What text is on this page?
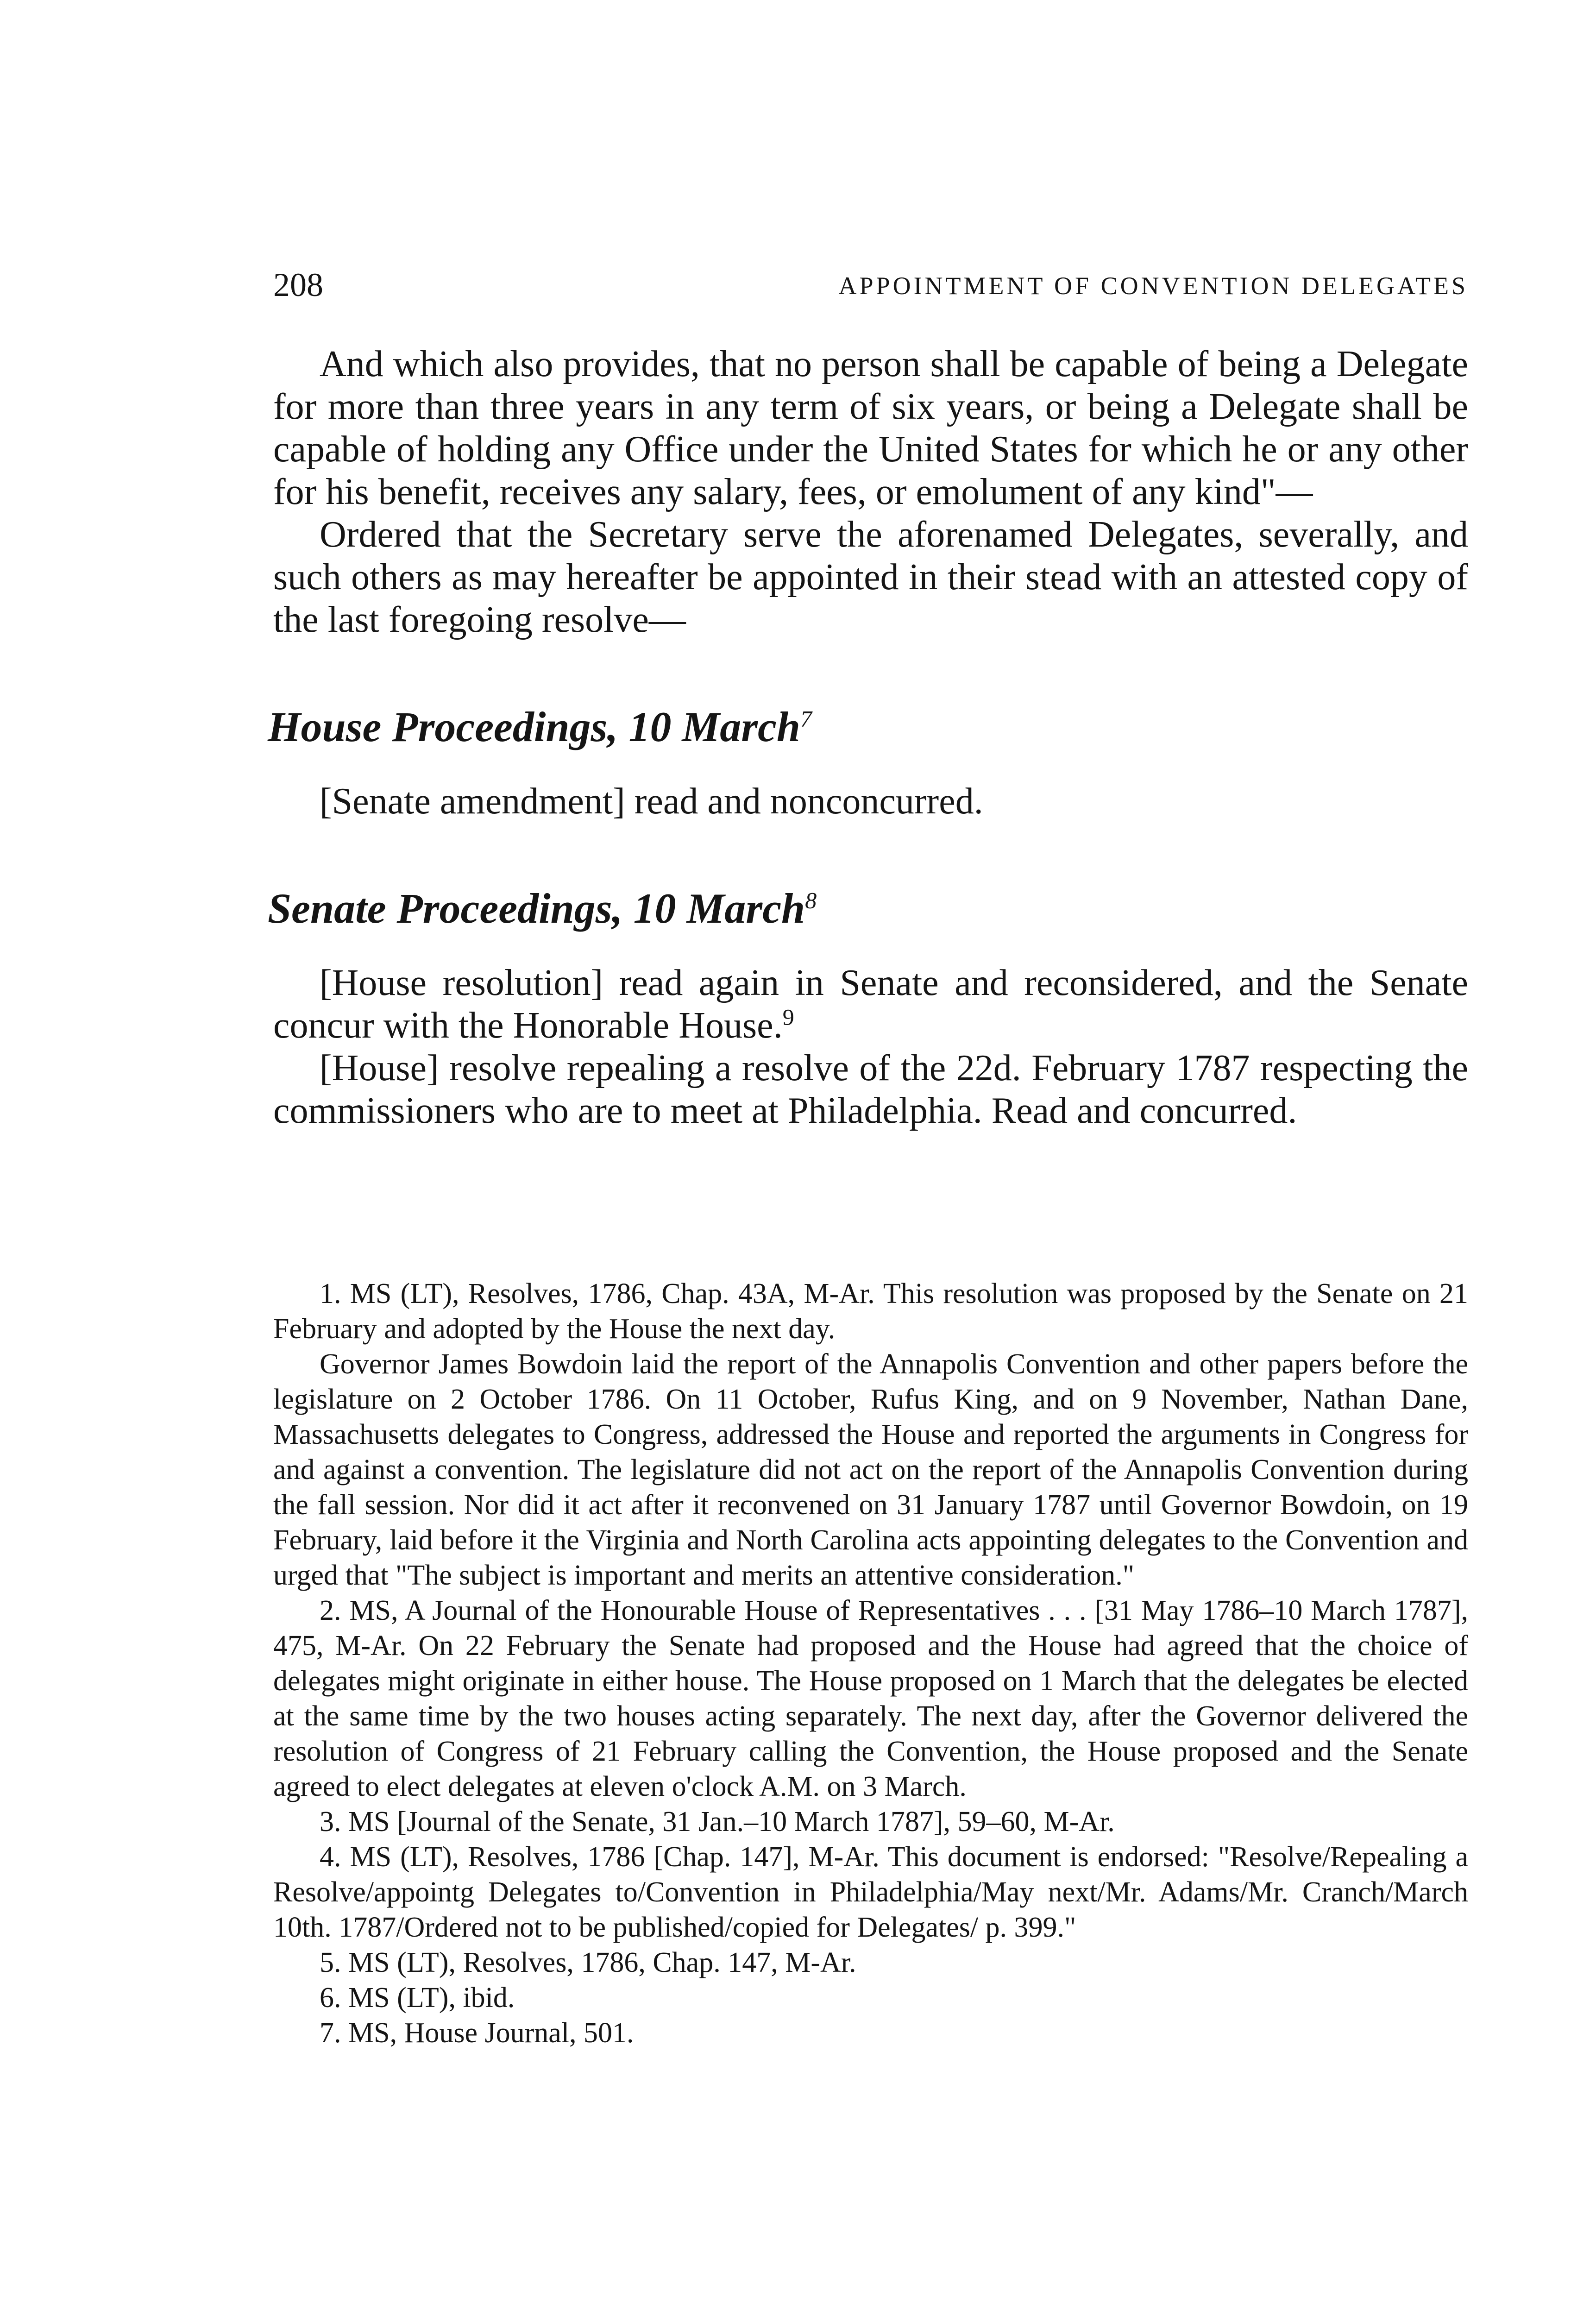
208	APPOINTMENT OF CONVENTION DELEGATES

And which also provides, that no person shall be capable of being a Delegate for more than three years in any term of six years, or being a Delegate shall be capable of holding any Office under the United States for which he or any other for his benefit, receives any salary, fees, or emolument of any kind"—

Ordered that the Secretary serve the aforenamed Delegates, severally, and such others as may hereafter be appointed in their stead with an attested copy of the last foregoing resolve—

House Proceedings, 10 March$^7$

[Senate amendment] read and nonconcurred.

Senate Proceedings, 10 March$^8$

[House resolution] read again in Senate and reconsidered, and the Senate concur with the Honorable House.$^9$

[House] resolve repealing a resolve of the 22d. February 1787 respecting the commissioners who are to meet at Philadelphia. Read and concurred.

1. MS (LT), Resolves, 1786, Chap. 43A, M-Ar. This resolution was proposed by the Senate on 21 February and adopted by the House the next day.

Governor James Bowdoin laid the report of the Annapolis Convention and other papers before the legislature on 2 October 1786. On 11 October, Rufus King, and on 9 November, Nathan Dane, Massachusetts delegates to Congress, addressed the House and reported the arguments in Congress for and against a convention. The legislature did not act on the report of the Annapolis Convention during the fall session. Nor did it act after it reconvened on 31 January 1787 until Governor Bowdoin, on 19 February, laid before it the Virginia and North Carolina acts appointing delegates to the Convention and urged that "The subject is important and merits an attentive consideration."

2. MS, A Journal of the Honourable House of Representatives . . . [31 May 1786–10 March 1787], 475, M-Ar. On 22 February the Senate had proposed and the House had agreed that the choice of delegates might originate in either house. The House proposed on 1 March that the delegates be elected at the same time by the two houses acting separately. The next day, after the Governor delivered the resolution of Congress of 21 February calling the Convention, the House proposed and the Senate agreed to elect delegates at eleven o'clock A.M. on 3 March.

3. MS [Journal of the Senate, 31 Jan.–10 March 1787], 59–60, M-Ar.

4. MS (LT), Resolves, 1786 [Chap. 147], M-Ar. This document is endorsed: "Resolve/Repealing a Resolve/appointg Delegates to/Convention in Philadelphia/May next/Mr. Adams/Mr. Cranch/March 10th. 1787/Ordered not to be published/copied for Delegates/ p. 399."

5. MS (LT), Resolves, 1786, Chap. 147, M-Ar.

6. MS (LT), ibid.

7. MS, House Journal, 501.
